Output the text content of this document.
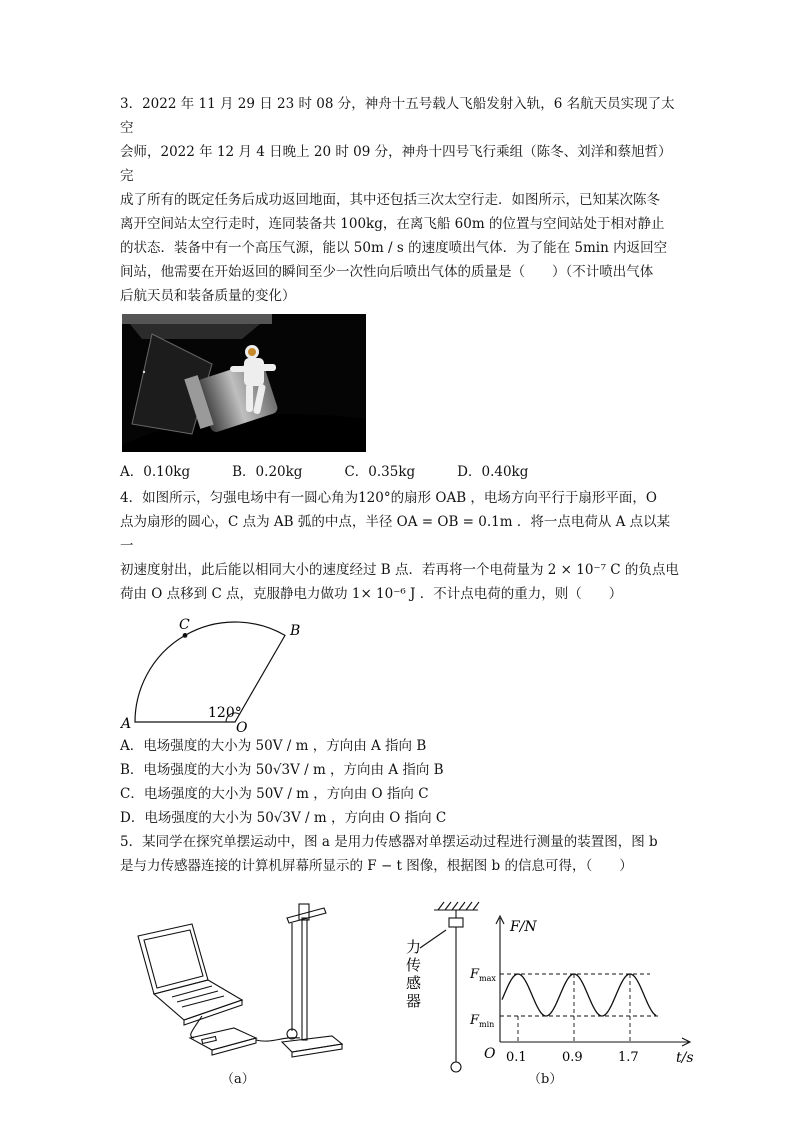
3．2022 年 11 月 29 日 23 时 08 分，神舟十五号载人飞船发射入轨，6 名航天员实现了太空

会师，2022 年 12 月 4 日晚上 20 时 09 分，神舟十四号飞行乘组（陈冬、刘洋和蔡旭哲）完

成了所有的既定任务后成功返回地面，其中还包括三次太空行走．如图所示，已知某次陈冬

离开空间站太空行走时，连同装备共 100kg，在离飞船 60m 的位置与空间站处于相对静止

的状态．装备中有一个高压气源，能以 50m / s 的速度喷出气体．为了能在 5min 内返回空

间站，他需要在开始返回的瞬间至少一次性向后喷出气体的质量是（　　）（不计喷出气体

后航天员和装备质量的变化）

A．0.10kg	B．0.20kg	C．0.35kg	D．0.40kg

4．如图所示，匀强电场中有一圆心角为120°的扇形 OAB ，电场方向平行于扇形平面，O

点为扇形的圆心，C 点为 AB 弧的中点，半径 OA = OB = 0.1m ．将一点电荷从 A 点以某一

初速度射出，此后能以相同大小的速度经过 B 点．若再将一个电荷量为 2 × 10⁻⁷ C 的负点电

荷由 O 点移到 C 点，克服静电力做功 1× 10⁻⁶ J ．不计点电荷的重力，则（　　）

C	B
A	O
120°

A．电场强度的大小为 50V / m ，方向由 A 指向 B

B．电场强度的大小为 50√3V / m ，方向由 A 指向 B

C．电场强度的大小为 50V / m ，方向由 O 指向 C

D．电场强度的大小为 50√3V / m ，方向由 O 指向 C

5．某同学在探究单摆运动中，图 a 是用力传感器对单摆运动过程进行测量的装置图，图 b

是与力传感器连接的计算机屏幕所显示的 F − t 图像，根据图 b 的信息可得，（　　）

（a）
力
传
感
器
F/N
t/s
O
F max
F min
0.1	0.9	1.7
（b）
